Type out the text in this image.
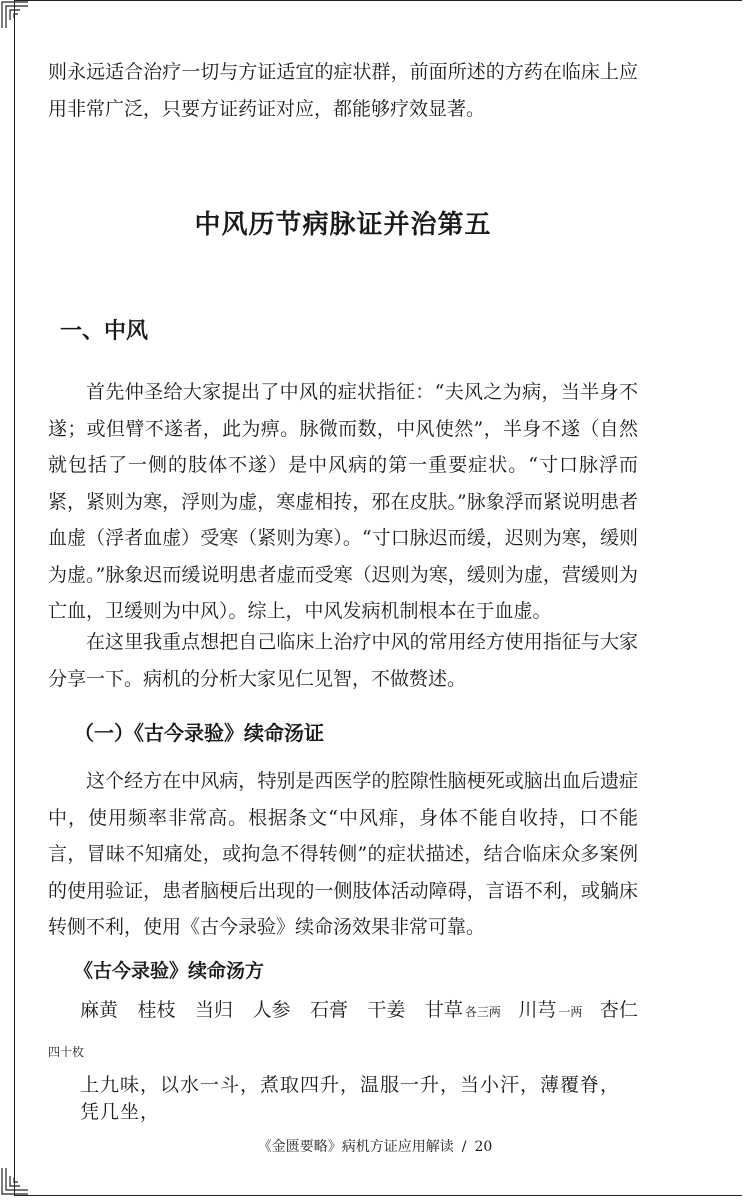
则永远适合治疗一切与方证适宜的症状群，前面所述的方药在临床上应用非常广泛，只要方证药证对应，都能够疗效显著。

中风历节病脉证并治第五
一、中风

首先仲圣给大家提出了中风的症状指征：“夫风之为病，当半身不遂；或但臂不遂者，此为痹。脉微而数，中风使然”，半身不遂（自然就包括了一侧的肢体不遂）是中风病的第一重要症状。“寸口脉浮而紧，紧则为寒，浮则为虚，寒虚相抟，邪在皮肤。”脉象浮而紧说明患者血虚（浮者血虚）受寒（紧则为寒）。“寸口脉迟而缓，迟则为寒，缓则为虚。”脉象迟而缓说明患者虚而受寒（迟则为寒，缓则为虚，营缓则为亡血，卫缓则为中风）。综上，中风发病机制根本在于血虚。

在这里我重点想把自己临床上治疗中风的常用经方使用指征与大家分享一下。病机的分析大家见仁见智，不做赘述。

（一）《古今录验》续命汤证

这个经方在中风病，特别是西医学的腔隙性脑梗死或脑出血后遗症中，使用频率非常高。根据条文“中风痱，身体不能自收持，口不能言，冒昧不知痛处，或拘急不得转侧”的症状描述，结合临床众多案例的使用验证，患者脑梗后出现的一侧肢体活动障碍，言语不利，或躺床转侧不利，使用《古今录验》续命汤效果非常可靠。

《古今录验》续命汤方
麻黄 桂枝 当归 人参 石膏 干姜 甘草 各三两 川芎 一两 杏仁
四十枚
上九味，以水一斗，煮取四升，温服一升，当小汗，薄覆脊，凭几坐，
《金匮要略》病机方证应用解读 / 20
